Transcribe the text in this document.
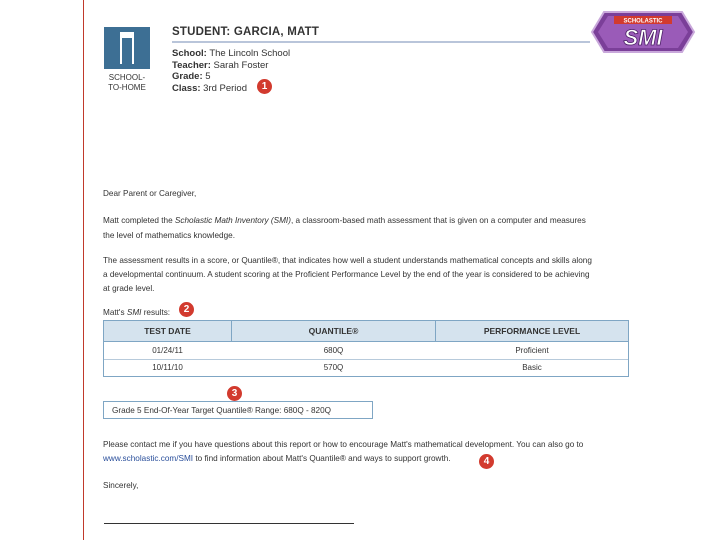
SCHOOL-
TO-HOME
STUDENT: GARCIA, MATT
School: The Lincoln School
Teacher: Sarah Foster
Grade: 5
Class: 3rd Period	1
SCHOLASTIC
SMI
Dear Parent or Caregiver,
Matt completed the Scholastic Math Inventory (SMI), a classroom-based math assessment that is given on a computer and measures
the level of mathematics knowledge.
The assessment results in a score, or Quantile®, that indicates how well a student understands mathematical concepts and skills along
a developmental continuum. A student scoring at the Proficient Performance Level by the end of the year is considered to be achieving
at grade level.
Matt's SMI results:	2
TEST DATE	QUANTILE®	PERFORMANCE LEVEL
01/24/11	680Q	Proficient
10/11/10	570Q	Basic
3
Grade 5 End-Of-Year Target Quantile® Range: 680Q - 820Q
Please contact me if you have questions about this report or how to encourage Matt's mathematical development. You can also go to
www.scholastic.com/SMI to find information about Matt's Quantile® and ways to support growth.	4
Sincerely,
